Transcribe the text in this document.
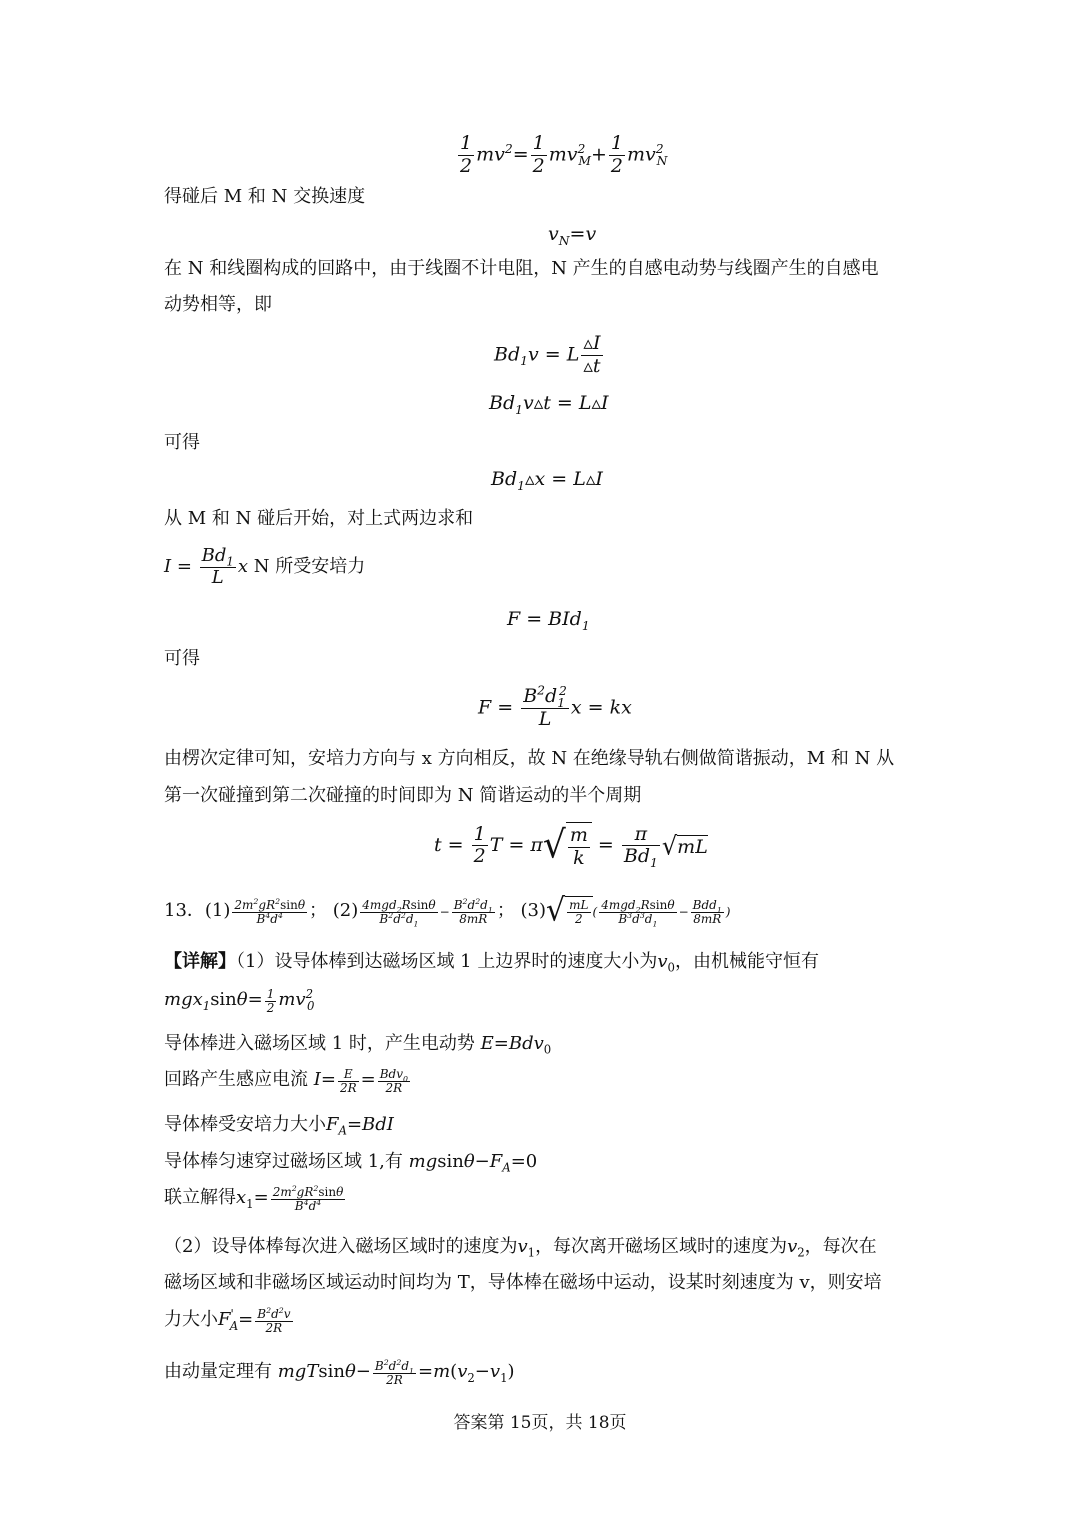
$\frac{1}{2} mv^2= \frac{1}{2} mv^2_M+ \frac{1}{2} mv^2_N$
得碰后 M 和 N 交换速度
$v_N=v$
在 N 和线圈构成的回路中，由于线圈不计电阻，N 产生的自感电动势与线圈产生的自感电
动势相等，即
$Bd_1v = L \frac{▵I}{▵t}$
$Bd_1v▵t$ = L▵I
可得
$Bd_1▵x$ = L▵I
从 M 和 N 碰后开始，对上式两边求和
$I = \frac{Bd_1}{L}$ x N 所受安培力
F = BId$_1$
可得
$F = \frac{B^2d_1^2}{L}$ x = kx
由楞次定律可知，安培力方向与 x 方向相反，故 N 在绝缘导轨右侧做简谐振动，M 和 N 从
第一次碰撞到第二次碰撞的时间即为 N 简谐运动的半个周期
$t = \frac{1}{2}$ $T = \pi√ \frac{m}{k} = \frac{\pi}{Bd_1} √mL$
13．$(1) \frac{2m^2gR^2\sin\theta}{B^4d^4}$ ； $(2) \frac{4mgd_2Rsin\theta}{B^2d^2d_1} - \frac{B^2d^2d_1}{8mR}$ ； $(3)√ \frac{mL}{2}$ ( $\frac{4mgd_2Rsin\theta}{B^3d^3d_1} - \frac{Bdd_1}{8mR}$ )
【详解】（1）设导体棒到达磁场区域 1 上边界时的速度大小为$v_0$，由机械能守恒有
$mgx_1\sin\theta= \frac{1}{2} mv^2_0$
导体棒进入磁场区域 1 时，产生电动势 E=Bdv$_0$
回路产生感应电流 $I= \frac{E}{2R} = \frac{Bdv_0}{2R}$
导体棒受安培力大小$F_A=BdI$
导体棒匀速穿过磁场区域 1,有 $mgsin\theta-F_A=0$
联立解得$x_1= \frac{2m^2gR^2\sin\theta}{B^4d^4}$
（2）设导体棒每次进入磁场区域时的速度为$v_1$，每次离开磁场区域时的速度为$v_2$，每次在
磁场区域和非磁场区域运动时间均为 T，导体棒在磁场中运动，设某时刻速度为 v，则安培
力大小$F'_A= \frac{B^2d^2v}{2R}$
由动量定理有 $mgTsin\theta- \frac{B^2d^2d_1}{2R} =m(v_2-v_1)$
答案第 15页，共 18页
